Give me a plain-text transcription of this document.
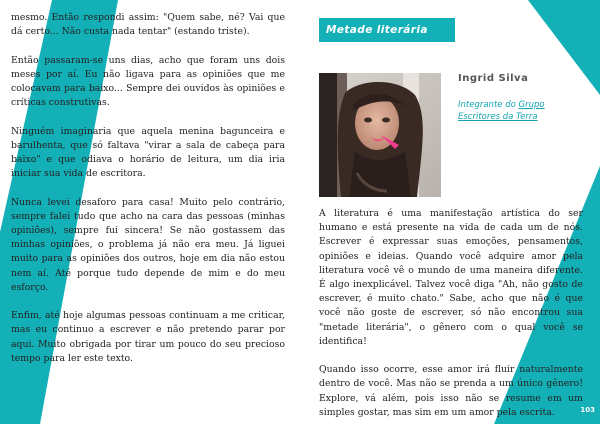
mesmo. Então respondi assim: "Quem sabe, né? Vai que dá certo... Não custa nada tentar" (estando triste).

Então passaram-se uns dias, acho que foram uns dois meses por aí. Eu não ligava para as opiniões que me colocavam para baixo... Sempre dei ouvidos às opiniões e críticas construtivas.

Ninguém imaginaria que aquela menina bagunceira e barulhenta, que só faltava "virar a sala de cabeça para baixo" e que odiava o horário de leitura, um dia iria iniciar sua vida de escritora.

Nunca levei desaforo para casa! Muito pelo contrário, sempre falei tudo que acho na cara das pessoas (minhas opiniões), sempre fui sincera! Se não gostassem das minhas opiniões, o problema já não era meu. Já liguei muito para as opiniões dos outros, hoje em dia não estou nem aí. Até porque tudo depende de mim e do meu esforço.

Enfim, até hoje algumas pessoas continuam a me criticar, mas eu continuo a escrever e não pretendo parar por aqui. Muito obrigada por tirar um pouco do seu precioso tempo para ler este texto.

Metade literária
Ingrid Silva
Integrante do Grupo Escritores da Terra

A literatura é uma manifestação artística do ser humano e está presente na vida de cada um de nós. Escrever é expressar suas emoções, pensamentos, opiniões e ideias. Quando você adquire amor pela literatura você vê o mundo de uma maneira diferente. É algo inexplicável. Talvez você diga "Ah, não gosto de escrever, é muito chato." Sabe, acho que não é que você não goste de escrever, só não encontrou sua "metade literária", o gênero com o qual você se identifica!

Quando isso ocorre, esse amor irá fluir naturalmente dentro de você. Mas não se prenda a um único gênero! Explore, vá além, pois isso não se resume em um simples gostar, mas sim em um amor pela escrita.	103
